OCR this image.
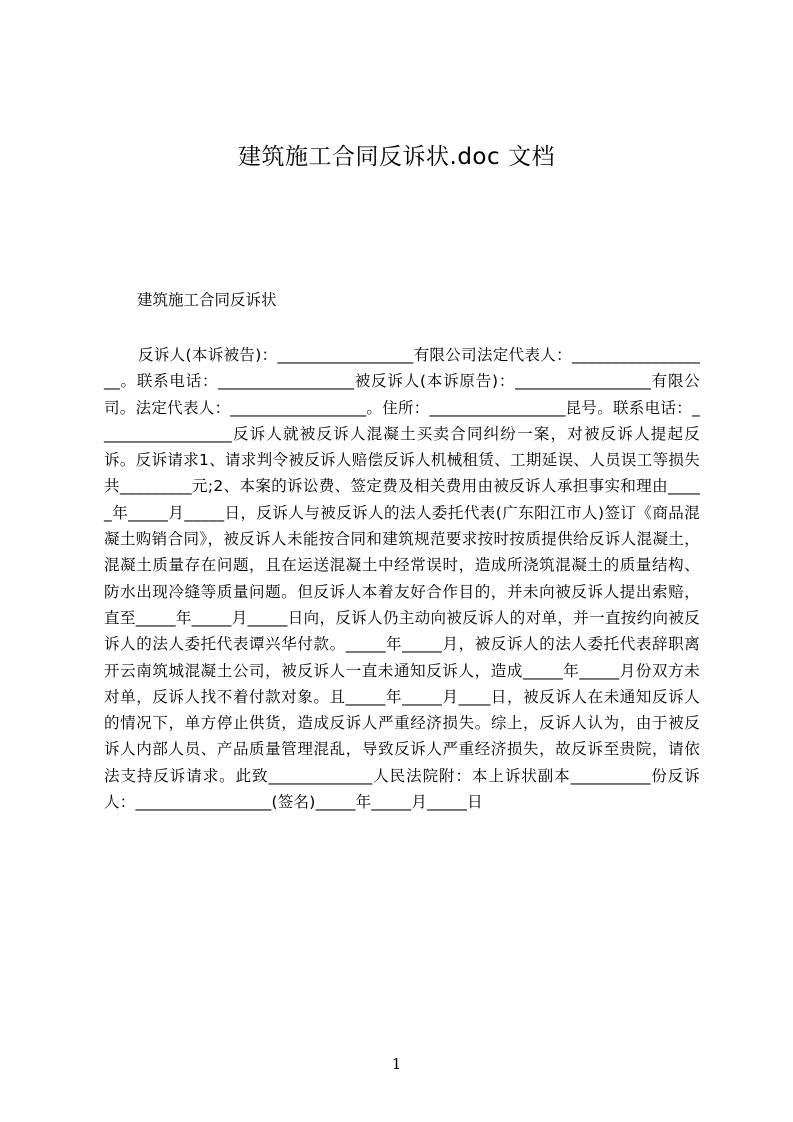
建筑施工合同反诉状.doc 文档

建筑施工合同反诉状

反诉人(本诉被告)：_________________有限公司法定代表人：__________________。联系电话：_________________被反诉人(本诉原告)：_________________有限公司。法定代表人：_________________。住所：_________________昆号。联系电话：_________________反诉人就被反诉人混凝土买卖合同纠纷一案，对被反诉人提起反诉。反诉请求1、请求判令被反诉人赔偿反诉人机械租赁、工期延误、人员误工等损失共_________元;2、本案的诉讼费、签定费及相关费用由被反诉人承担事实和理由_____年_____月_____日，反诉人与被反诉人的法人委托代表(广东阳江市人)签订《商品混凝土购销合同》，被反诉人未能按合同和建筑规范要求按时按质提供给反诉人混凝土，混凝土质量存在问题，且在运送混凝土中经常误时，造成所浇筑混凝土的质量结构、防水出现冷缝等质量问题。但反诉人本着友好合作目的，并未向被反诉人提出索赔，直至_____年_____月_____日向，反诉人仍主动向被反诉人的对单，并一直按约向被反诉人的法人委托代表谭兴华付款。_____年_____月，被反诉人的法人委托代表辞职离开云南筑城混凝土公司，被反诉人一直未通知反诉人，造成_____年_____月份双方未对单，反诉人找不着付款对象。且_____年_____月____日，被反诉人在未通知反诉人的情况下，单方停止供货，造成反诉人严重经济损失。综上，反诉人认为，由于被反诉人内部人员、产品质量管理混乱，导致反诉人严重经济损失，故反诉至贵院，请依法支持反诉请求。此致_____________人民法院附：本上诉状副本__________份反诉人：_________________(签名)_____年_____月_____日

1
